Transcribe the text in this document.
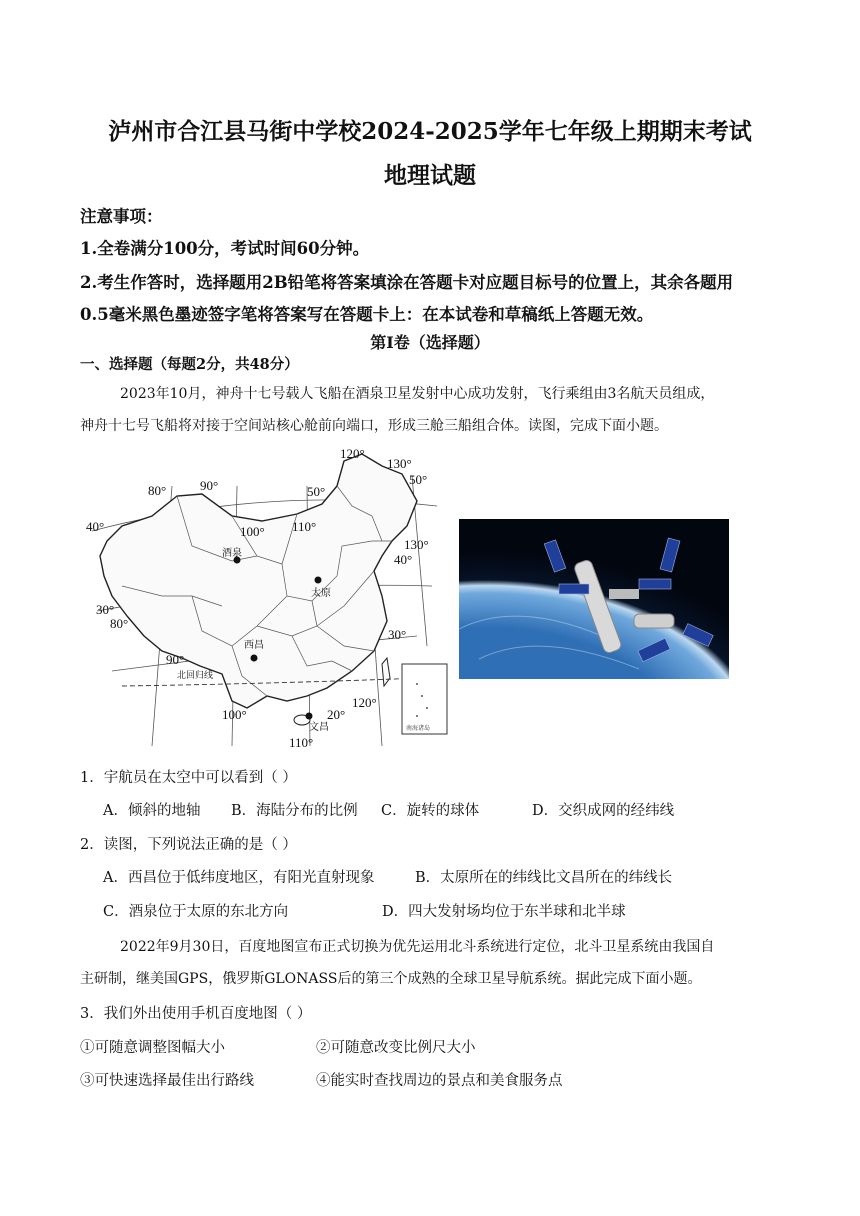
泸州市合江县马街中学校2024-2025学年七年级上期期末考试
地理试题
注意事项：
1.全卷满分100分，考试时间60分钟。
2.考生作答时，选择题用2B铅笔将答案填涂在答题卡对应题目标号的位置上，其余各题用
0.5毫米黑色墨迹签字笔将答案写在答题卡上：在本试卷和草稿纸上答题无效。
第Ⅰ卷（选择题）
一、选择题（每题2分，共48分）
2023年10月，神舟十七号载人飞船在酒泉卫星发射中心成功发射，飞行乘组由3名航天员组成，
神舟十七号飞船将对接于空间站核心舱前向端口，形成三舱三船组合体。读图，完成下面小题。
南海诸岛
酒泉
太原
西昌
文昌
北回归线
120°
130°
80°	90°
100° 110°
130°
80°
90°
100°
110°
120°
50°
50°
40°
40°
30°
30°
20°
1．宇航员在太空中可以看到（ ）
A．倾斜的地轴 B．海陆分布的比例 C．旋转的球体	D．交织成网的经纬线
2．读图，下列说法正确的是（ ）
A．西昌位于低纬度地区，有阳光直射现象	B．太原所在的纬线比文昌所在的纬线长
C．酒泉位于太原的东北方向	D．四大发射场均位于东半球和北半球
2022年9月30日，百度地图宣布正式切换为优先运用北斗系统进行定位，北斗卫星系统由我国自
主研制，继美国GPS，俄罗斯GLONASS后的第三个成熟的全球卫星导航系统。据此完成下面小题。
3．我们外出使用手机百度地图（ ）
①可随意调整图幅大小	②可随意改变比例尺大小
③可快速选择最佳出行路线	④能实时查找周边的景点和美食服务点
